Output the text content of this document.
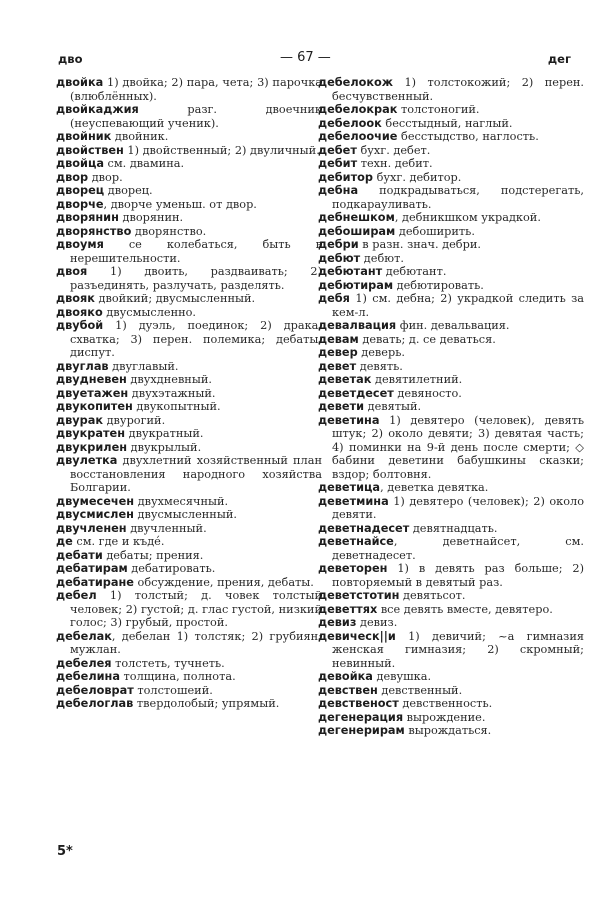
дво	— 67 —	дег

двойка 1) двойка; 2) пара, чета; 3) парочка (влюблённых).

двойкаджия разг. двоечник (неуспевающий ученик).

двойник двойник.

двойствен 1) двойственный; 2) двуличный.

двойца см. двамина.

двор двор.

дворец дворец.

дворче, дворче уменьш. от двор.

дворянин дворянин.

дворянство дворянство.

двоумя се колебаться, быть в нерешительности.

двоя 1) двоить, раздваивать; 2) разъединять, разлучать, разделять.

двояк двойкий; двусмысленный.

двояко двусмысленно.

двубой 1) дуэль, поединок; 2) драка, схватка; 3) перен. полемика; дебаты, диспут.

двуглав двуглавый.

двудневен двухдневный.

двуетажен двухэтажный.

двукопитен двукопытный.

двурак двурогий.

двукратен двукратный.

двукрилен двукрылый.

двулетка двухлетний хозяйственный план восстановления народного хозяйства Болгарии.

двумесечен двухмесячный.

двусмислен двусмысленный.

двучленен двучленный.

де см. где и къдé.

дебати дебаты; прения.

дебатирам дебатировать.

дебатиране обсуждение, прения, дебаты.

дебел 1) толстый; д. човек толстый человек; 2) густой; д. глас густой, низкий голос; 3) грубый, простой.

дебелак, дебелан 1) толстяк; 2) грубиян; мужлан.

дебелея толстеть, тучнеть.

дебелина толщина, полнота.

дебеловрат толстошеий.

дебелоглав твердолобый; упрямый.

дебелокож 1) толстокожий; 2) перен. бесчувственный.

дебелокрак толстоногий.

дебелоок бесстыдный, наглый.

дебелоочие бесстыдство, наглость.

дебет бухг. дебет.

дебит техн. дебит.

дебитор бухг. дебитор.

дебна подкрадываться, подстерегать, подкарауливать.

дебнешком, дебникшком украдкой.

дебоширам дебоширить.

дебри в разн. знач. дебри.

дебют дебют.

дебютант дебютант.

дебютирам дебютировать.

дебя 1) см. дебна; 2) украдкой следить за кем-л.

девалвация фин. девальвация.

девам девать; д. се деваться.

девер деверь.

девет девять.

деветак девятилетний.

деветдесет девяносто.

девети девятый.

деветина 1) девятеро (человек), девять штук; 2) около девяти; 3) девятая часть; 4) поминки на 9-й день после смерти; ◇ бабини деветини бабушкины сказки; вздор; болтовня.

деветица, деветка девятка.

деветмина 1) девятеро (человек); 2) около девяти.

деветнадесет девятнадцать.

деветнайсе, деветнайсет, см. деветнадесет.

деветорен 1) в девять раз больше; 2) повторяемый в девятый раз.

деветстотин девятьсот.

деветтях все девять вместе, девятеро.

девиз девиз.

девическ||и 1) девичий; ~а гимназия женская гимназия; 2) скромный; невинный.

девойка девушка.

девствен девственный.

девственост девственность.

дегенерация вырождение.

дегенерирам вырождаться.

5*
